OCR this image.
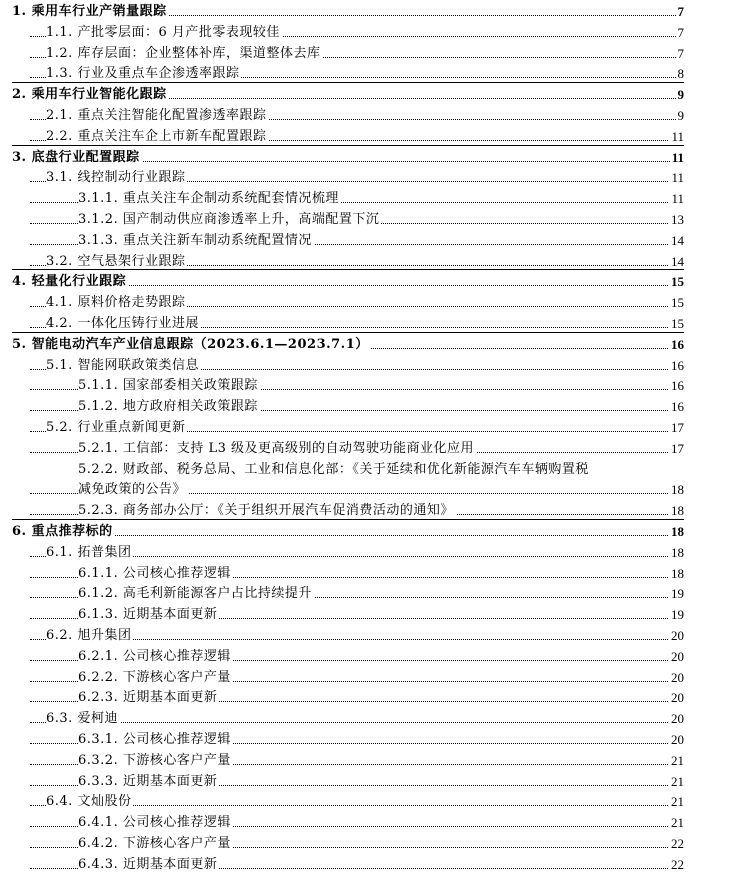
1. 乘用车行业产销量跟踪	7
1.1. 产批零层面：6 月产批零表现较佳	7
1.2. 库存层面：企业整体补库，渠道整体去库	7
1.3. 行业及重点车企渗透率跟踪	8
2. 乘用车行业智能化跟踪	9
2.1. 重点关注智能化配置渗透率跟踪	9
2.2. 重点关注车企上市新车配置跟踪	11
3. 底盘行业配置跟踪	11
3.1. 线控制动行业跟踪	11
3.1.1. 重点关注车企制动系统配套情况梳理	11
3.1.2. 国产制动供应商渗透率上升，高端配置下沉	13
3.1.3. 重点关注新车制动系统配置情况	14
3.2. 空气悬架行业跟踪	14
4. 轻量化行业跟踪	15
4.1. 原料价格走势跟踪	15
4.2. 一体化压铸行业进展	15
5. 智能电动汽车产业信息跟踪（2023.6.1—2023.7.1）	16
5.1. 智能网联政策类信息	16
5.1.1. 国家部委相关政策跟踪	16
5.1.2. 地方政府相关政策跟踪	16
5.2. 行业重点新闻更新	17
5.2.1. 工信部：支持 L3 级及更高级别的自动驾驶功能商业化应用	17
5.2.2. 财政部、税务总局、工业和信息化部：《关于延续和优化新能源汽车车辆购置税
减免政策的公告》	18
5.2.3. 商务部办公厅：《关于组织开展汽车促消费活动的通知》	18
6. 重点推荐标的	18
6.1. 拓普集团	18
6.1.1. 公司核心推荐逻辑	18
6.1.2. 高毛利新能源客户占比持续提升	19
6.1.3. 近期基本面更新	19
6.2. 旭升集团	20
6.2.1. 公司核心推荐逻辑	20
6.2.2. 下游核心客户产量	20
6.2.3. 近期基本面更新	20
6.3. 爱柯迪	20
6.3.1. 公司核心推荐逻辑	20
6.3.2. 下游核心客户产量	21
6.3.3. 近期基本面更新	21
6.4. 文灿股份	21
6.4.1. 公司核心推荐逻辑	21
6.4.2. 下游核心客户产量	22
6.4.3. 近期基本面更新	22
